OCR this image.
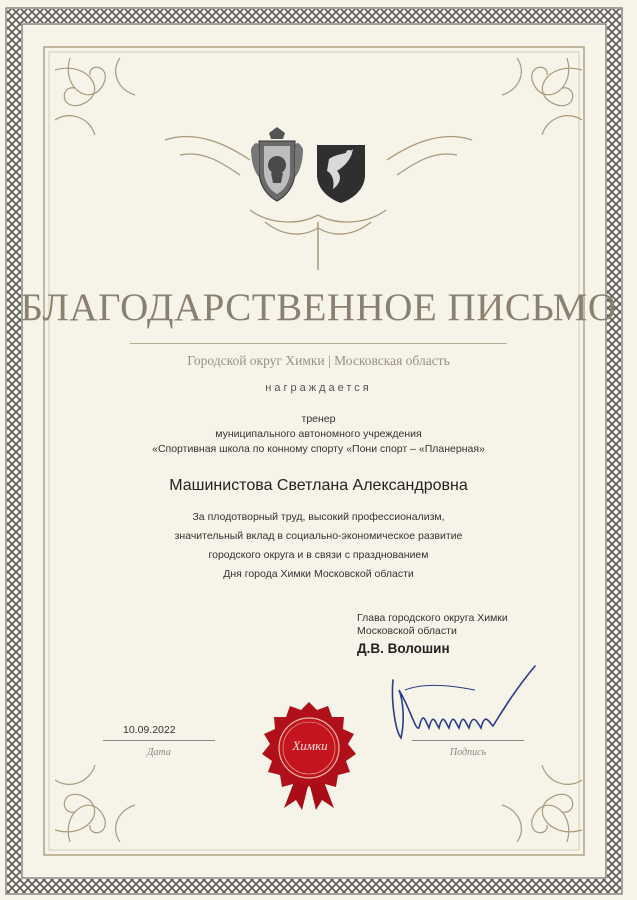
БЛАГОДАРСТВЕННОЕ ПИСЬМО
Городской округ Химки | Московская область
награждается
тренер
муниципального автономного учреждения
«Спортивная школа по конному спорту «Пони спорт – «Планерная»
Машинистова Светлана Александровна
За плодотворный труд, высокий профессионализм,
значительный вклад в социально-экономическое развитие
городского округа и в связи с празднованием
Дня города Химки Московской области
Глава городского округа Химки
Московской области
Д.В. Волошин
10.09.2022
Дата	Подпись
Химки
